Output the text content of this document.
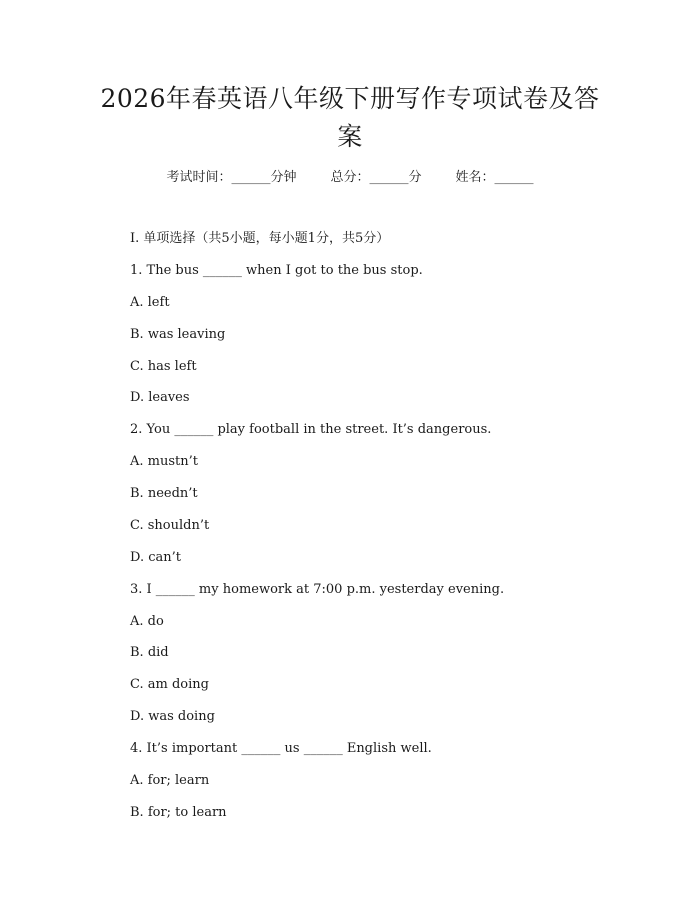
2026年春英语八年级下册写作专项试卷及答案
考试时间：______分钟	总分：______分	姓名：______
I. 单项选择（共5小题，每小题1分，共5分）
1. The bus ______ when I got to the bus stop.
A. left
B. was leaving
C. has left
D. leaves
2. You ______ play football in the street. It’s dangerous.
A. mustn’t
B. needn’t
C. shouldn’t
D. can’t
3. I ______ my homework at 7:00 p.m. yesterday evening.
A. do
B. did
C. am doing
D. was doing
4. It’s important ______ us ______ English well.
A. for; learn
B. for; to learn
